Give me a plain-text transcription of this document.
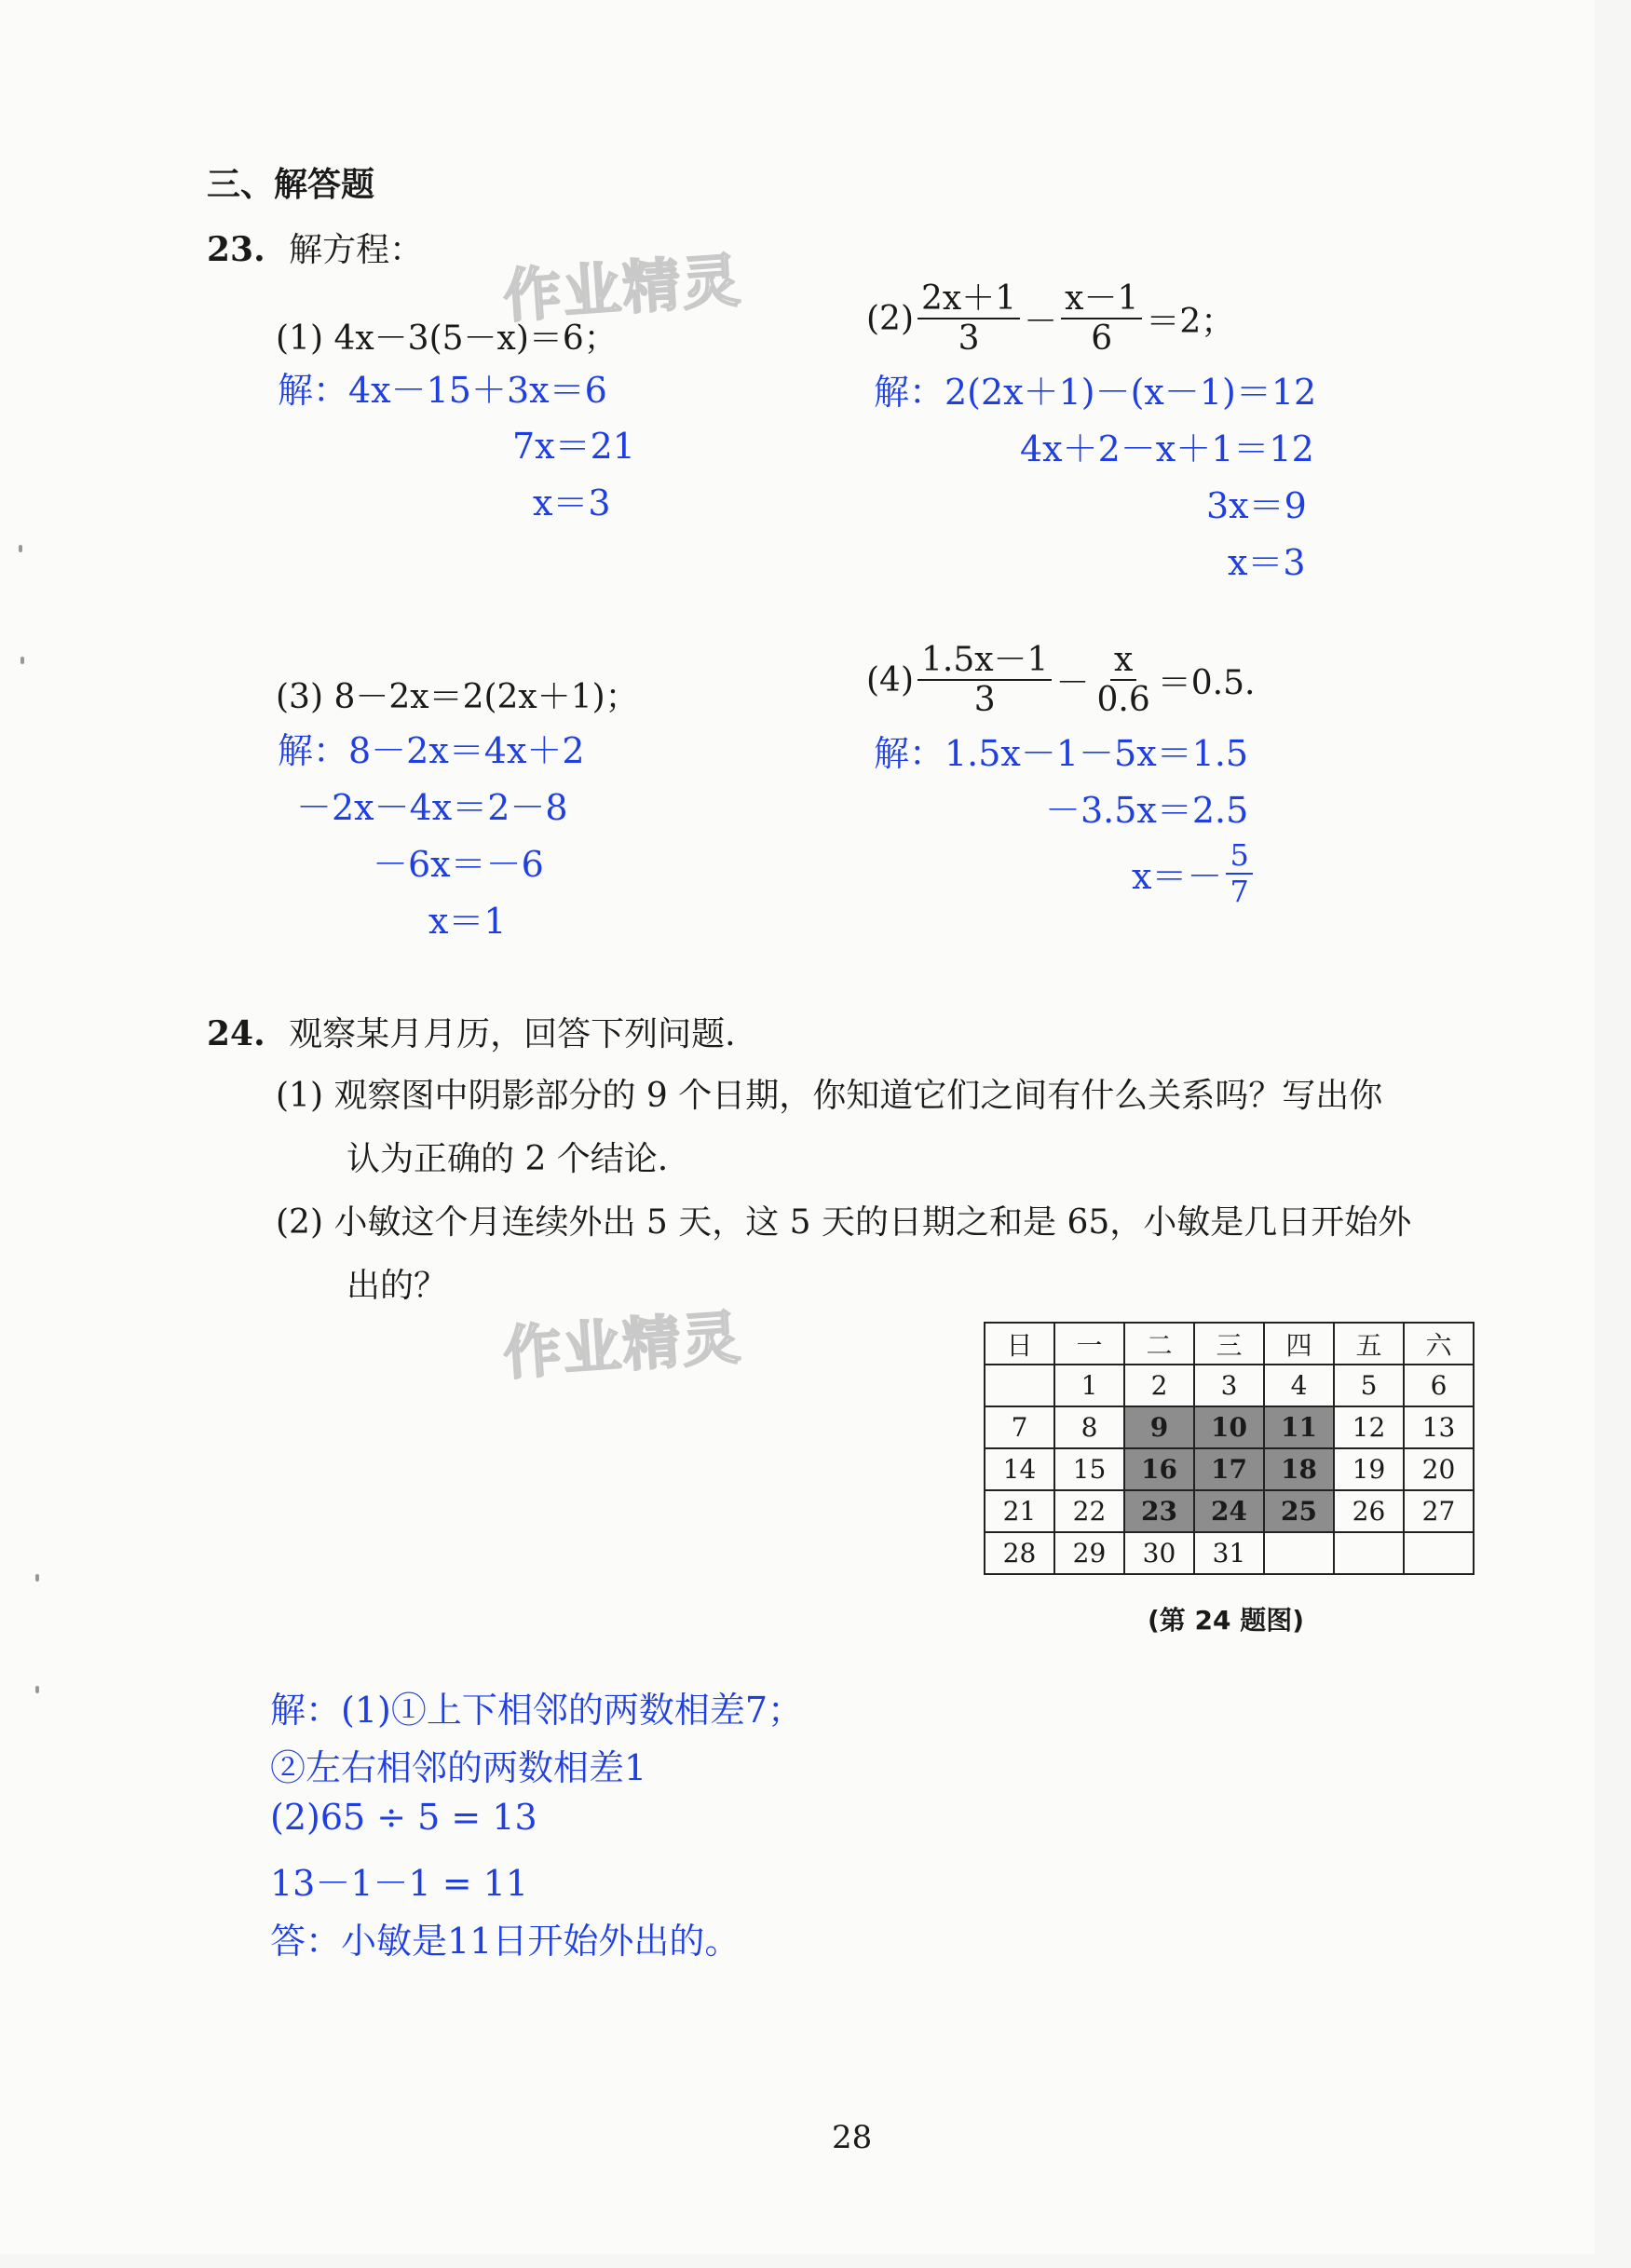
三、解答题
23. 解方程： 作业精灵
(1) 4x－3(5－x)＝6；
解：4x－15＋3x＝6
7x＝21
x＝3
$(2) \frac{2x+1}{3} - \frac{x-1}{6} =2$；
解：2(2x＋1)－(x－1)＝12
4x＋2－x＋1＝12
3x＝9
x＝3
(3) 8－2x＝2(2x＋1)；
解：8－2x＝4x＋2
－2x－4x＝2－8
－6x＝－6
x＝1
$(4) \frac{1.5x-1}{3} - \frac{x}{0.6} =0.5$.
解：1.5x－1－5x＝1.5
－3.5x＝2.5
$x=- \frac{5}{7}$
24. 观察某月月历，回答下列问题.
(1) 观察图中阴影部分的 9 个日期，你知道它们之间有什么关系吗？写出你
认为正确的 2 个结论.
(2) 小敏这个月连续外出 5 天，这 5 天的日期之和是 65，小敏是几日开始外
出的？
作业精灵	日	一	二	三	四	五	六
	1	2	3	4	5	6
7	8	9	10	11	12	13
14	15	16	17	18	19	20
21	22	23	24	25	26	27
28	29	30	31			
(第 24 题图)
解：(1)①上下相邻的两数相差7；
②左右相邻的两数相差1
(2)65 ÷ 5 = 13
13－1－1 = 11
答：小敏是11日开始外出的。
28
